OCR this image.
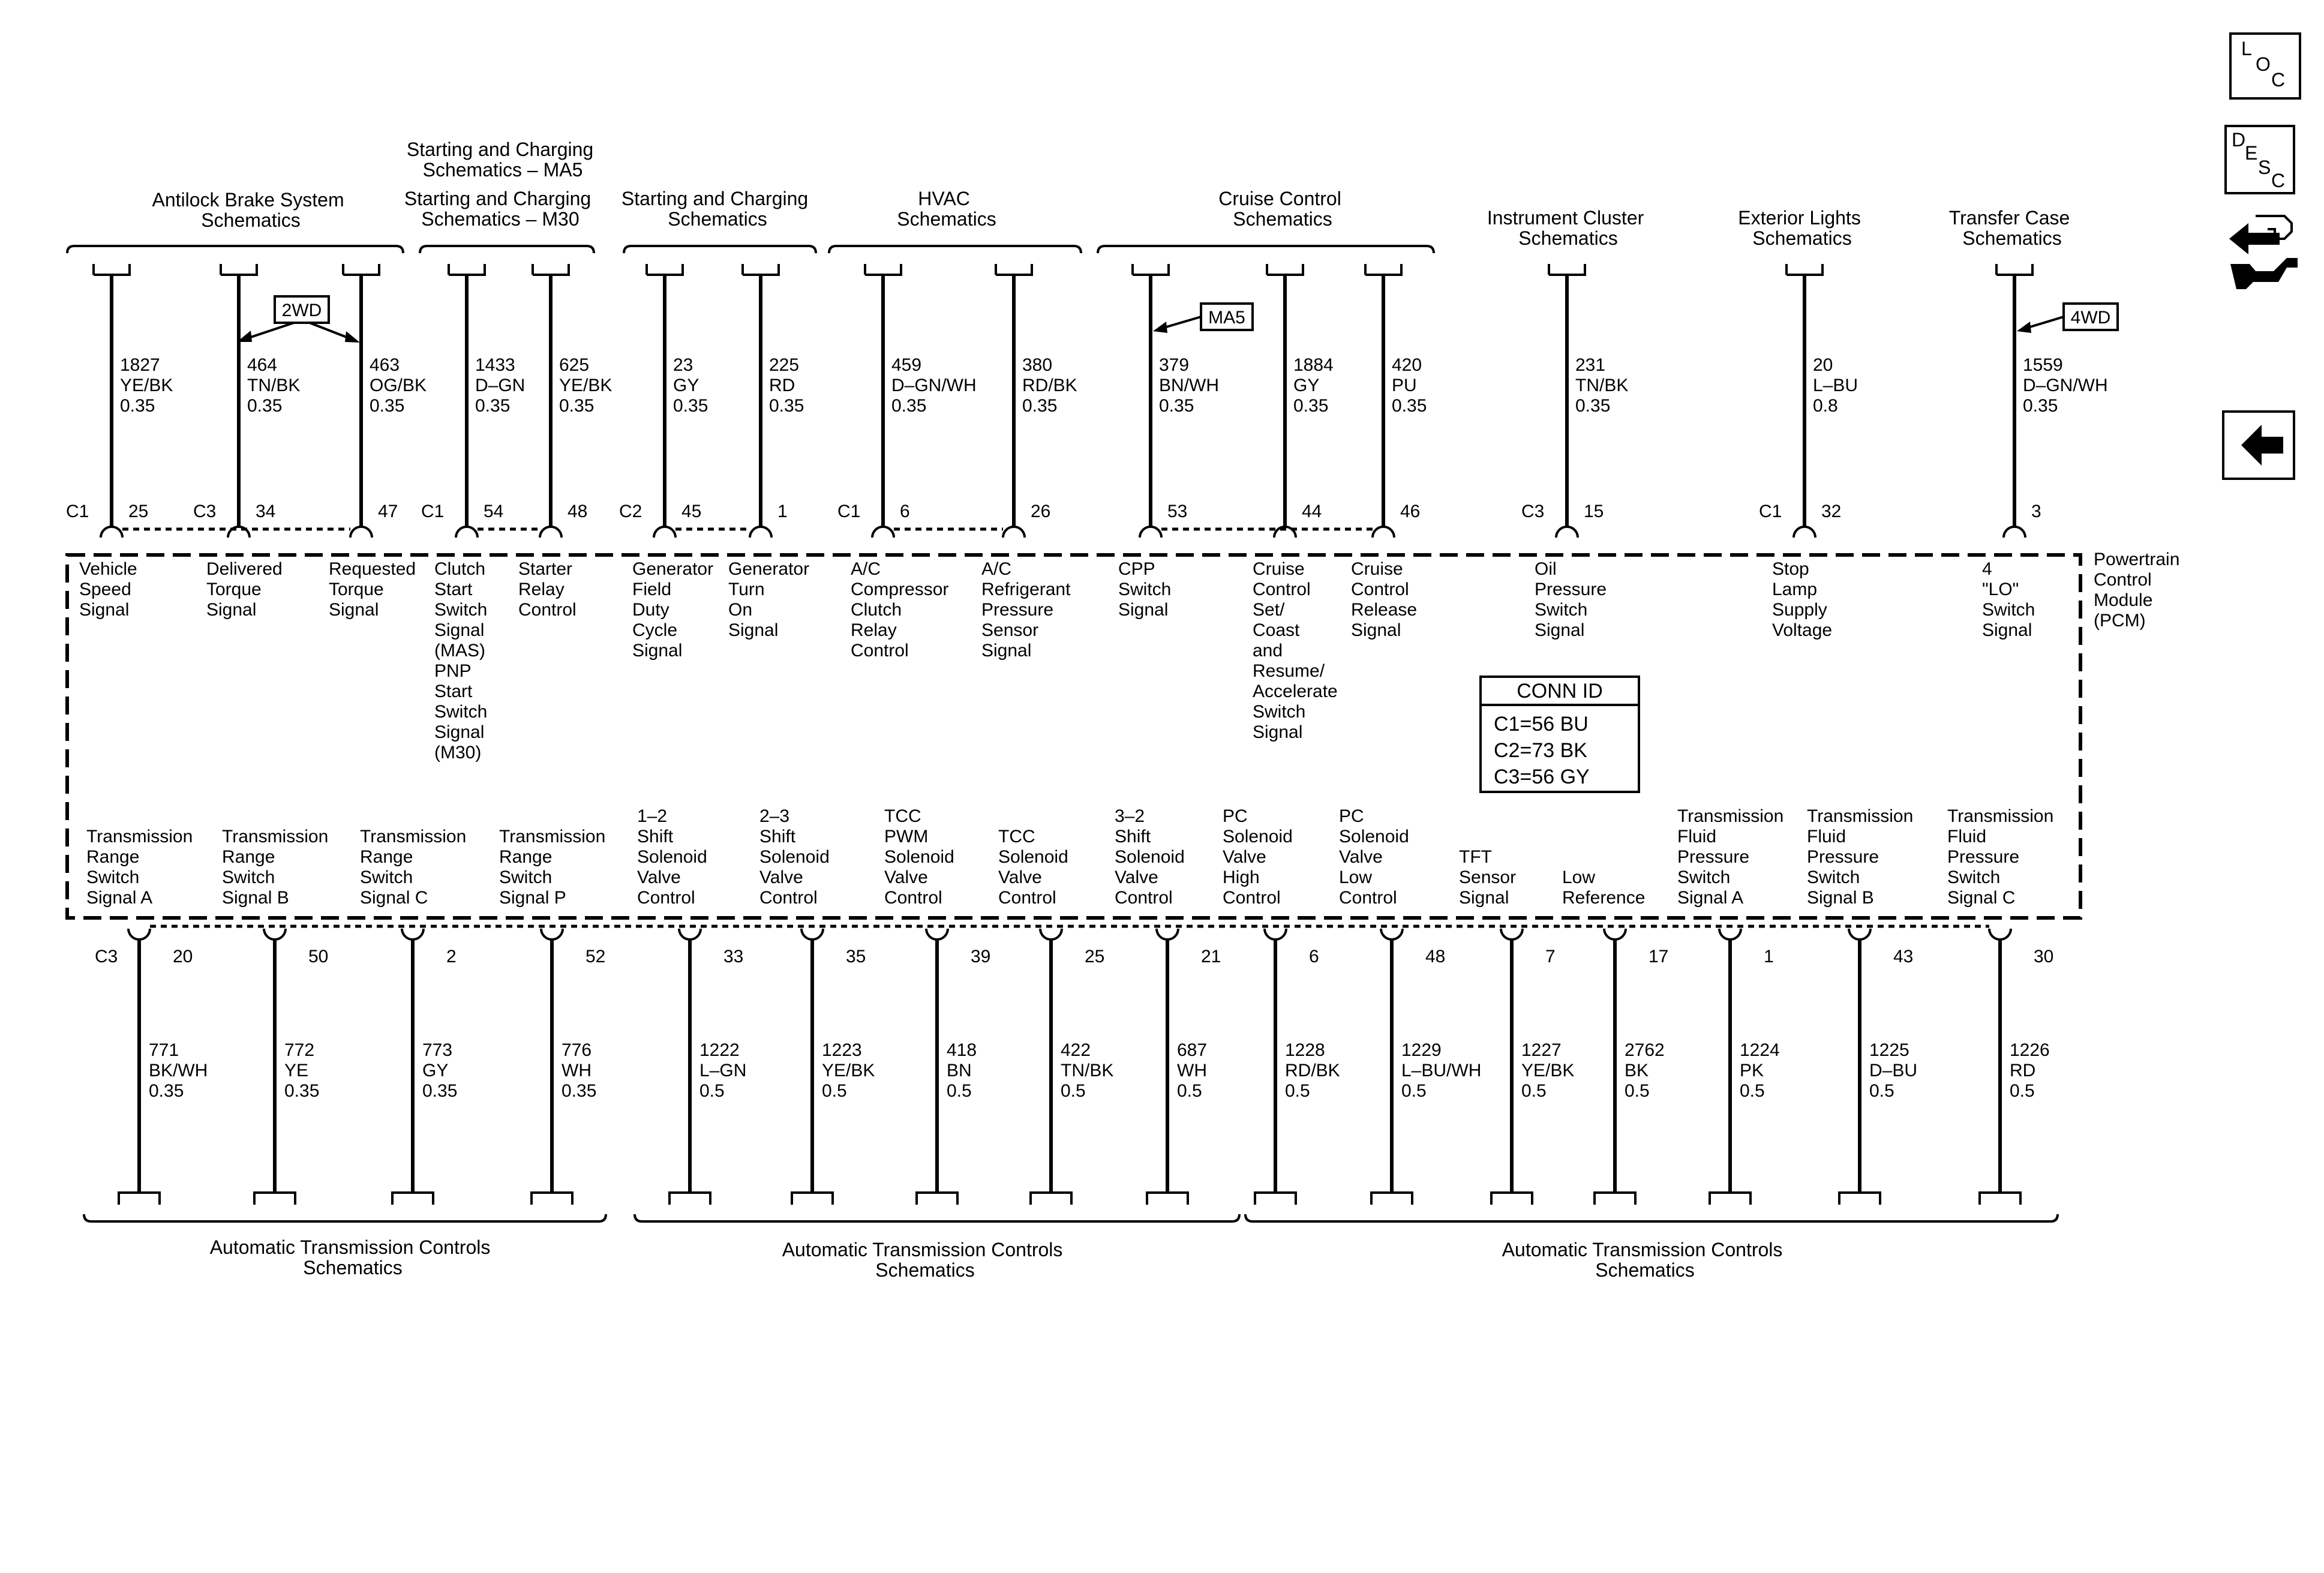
Powertrain Control Module (PCM)
CONN ID
C1=56 BU
C2=73 BK
C3=56 GY
Antilock Brake System Schematics
Starting and Charging Schematics – MA5
Starting and Charging Schematics – M30
Starting and Charging Schematics
HVAC Schematics
Cruise Control Schematics	Instrument Cluster Schematics
Exterior Lights Schematics
Transfer Case Schematics
2WD	MA5	4WD
1827
YE/BK
0.35
C1 25
Vehicle
Speed
Signal
464
TN/BK
0.35
C3 34
Delivered
Torque
Signal
463
OG/BK
0.35
47
Requested
Torque
Signal
1433
D–GN
0.35
C1 54
Clutch
Start
Switch
Signal
(MAS)
PNP
Start
Switch
Signal
(M30)
625
YE/BK
0.35
48
Starter
Relay
Control
23
GY
0.35
C2 45
Generator
Field
Duty
Cycle
Signal
225
RD
0.35
1
Generator
Turn
On
Signal
459
D–GN/WH
0.35
C1 6
A/C
Compressor
Clutch
Relay
Control
380
RD/BK
0.35
26
A/C
Refrigerant
Pressure
Sensor
Signal
379
BN/WH
0.35
53
CPP
Switch
Signal
1884
GY
0.35
44
Cruise
Control
Set/
Coast
and
Resume/
Accelerate
Switch
Signal
420
PU
0.35
46
Cruise
Control
Release
Signal
231
TN/BK
0.35
C3 15
Oil
Pressure
Switch
Signal
20
L–BU
0.8
C1 32
Stop
Lamp
Supply
Voltage
1559
D–GN/WH
0.35
3
4
"LO"
Switch
Signal
771
BK/WH
0.35
C3	20
Transmission
Range
Switch
Signal A
772
YE
0.35
50
Transmission
Range
Switch
Signal B
773
GY
0.35
2
Transmission
Range
Switch
Signal C
776
WH
0.35
52
Transmission
Range
Switch
Signal P
1222
L–GN
0.5
33
1–2
Shift
Solenoid
Valve
Control
1223
YE/BK
0.5
35
2–3
Shift
Solenoid
Valve
Control
418
BN
0.5
39
TCC
PWM
Solenoid
Valve
Control
422
TN/BK
0.5
25
TCC
Solenoid
Valve
Control
687
WH
0.5
21
3–2
Shift
Solenoid
Valve
Control
1228
RD/BK
0.5
6
PC
Solenoid
Valve
High
Control
1229
L–BU/WH
0.5
48
PC
Solenoid
Valve
Low
Control
1227
YE/BK
0.5
7
TFT
Sensor
Signal
2762
BK
0.5
17
Low
Reference
1224
PK
0.5
1
Transmission
Fluid
Pressure
Switch
Signal A
1225
D–BU
0.5
43
Transmission
Fluid
Pressure
Switch
Signal B
1226
RD
0.5
30
Transmission
Fluid
Pressure
Switch
Signal C
Automatic Transmission Controls Schematics
Automatic Transmission Controls Schematics
Automatic Transmission Controls Schematics
L
O
C
D
E
S
C
